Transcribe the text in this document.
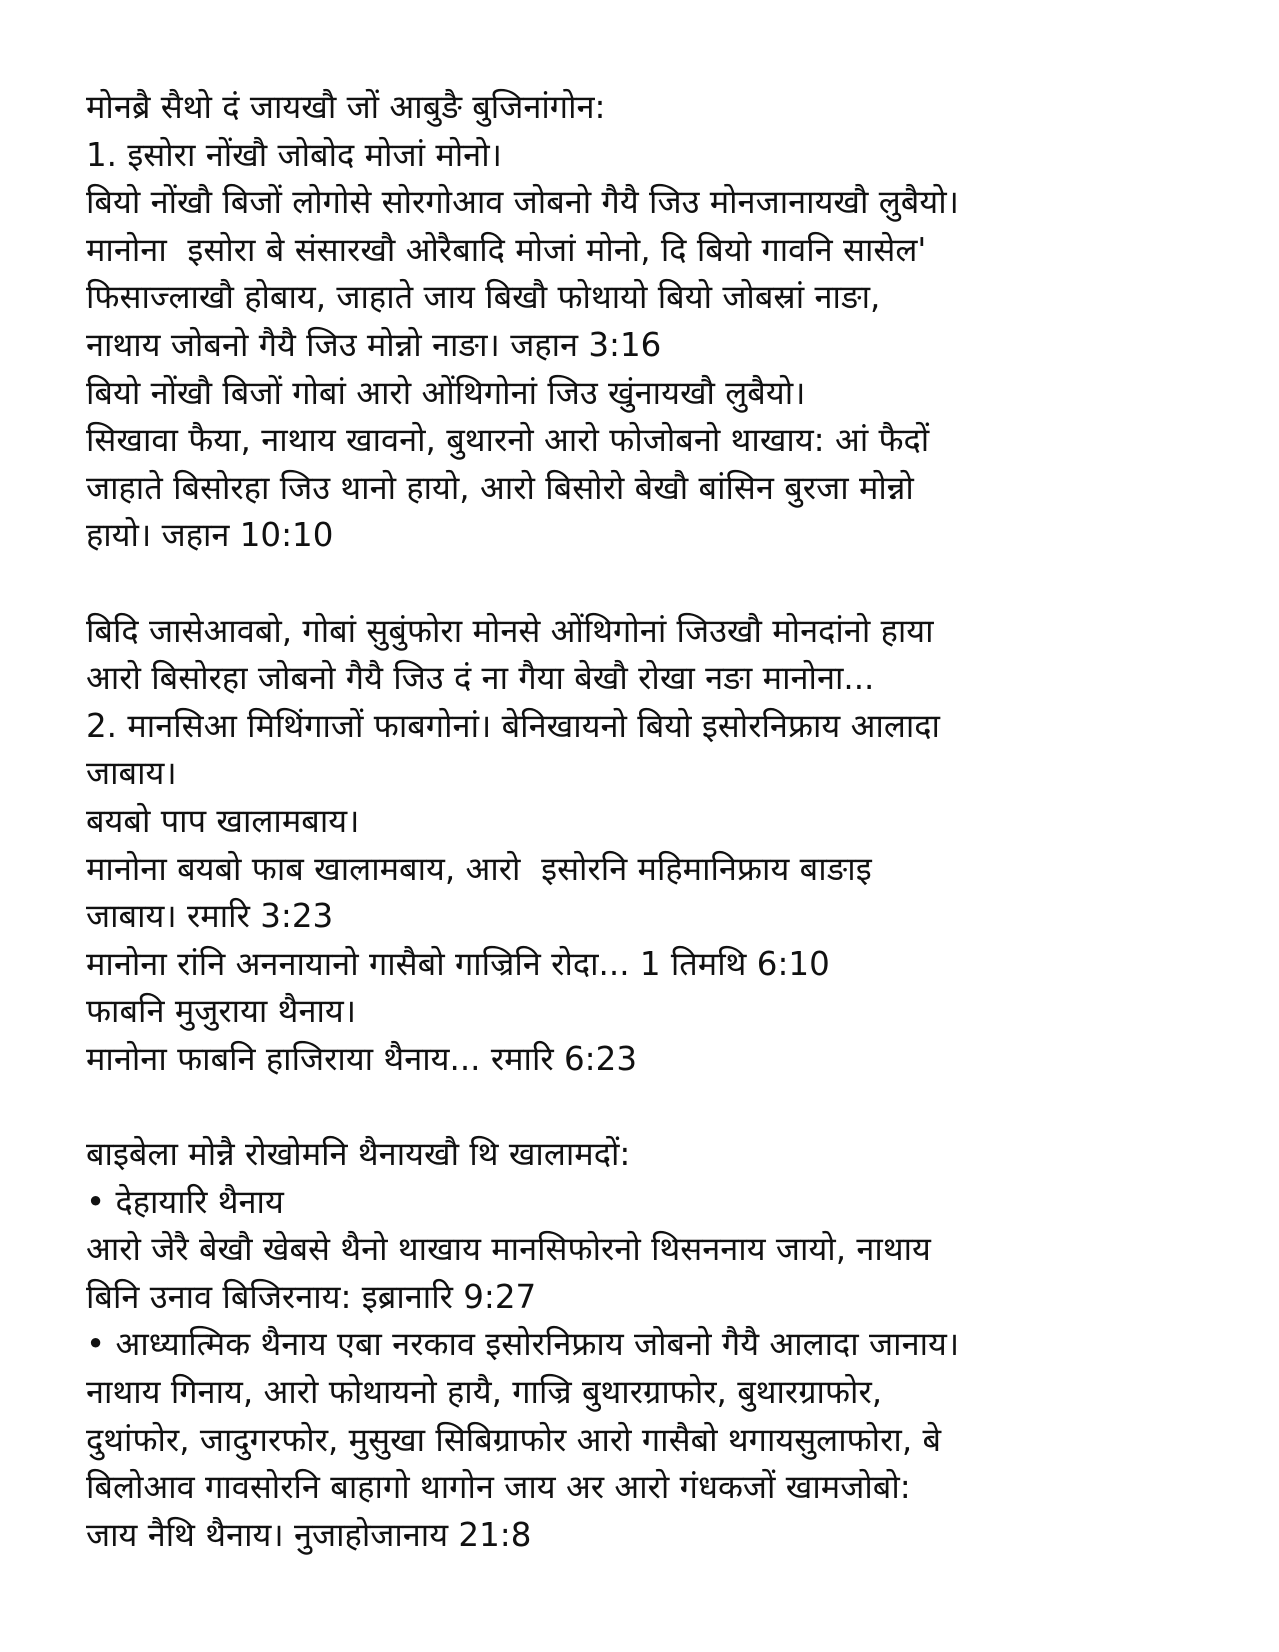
मोनब्रै सैथो दं जायखौ जों आबुङै बुजिनांगोन:
1. इसोरा नोंखौ जोबोद मोजां मोनो।
बियो नोंखौ बिजों लोगोसे सोरगोआव जोबनो गैयै जिउ मोनजानायखौ लुबैयो।
मानोना ‌ इसोरा बे संसारखौ ओरैबादि मोजां मोनो, दि बियो गावनि सासेल'
फिसाज्लाखौ होबाय, जाहाते जाय बिखौ फोथायो बियो जोबस्रां नाङा,
नाथाय जोबनो गैयै जिउ मोन्नो नाङा। जहान 3:16
बियो नोंखौ बिजों गोबां आरो ओंथिगोनां जिउ खुंनायखौ लुबैयो।
सिखावा फैया, नाथाय खावनो, बुथारनो आरो फोजोबनो थाखाय: आं फैदों
जाहाते बिसोरहा जिउ थानो हायो, आरो बिसोरो बेखौ बांसिन बुरजा मोन्नो
हायो। जहान 10:10
बिदि जासेआवबो, गोबां सुबुंफोरा मोनसे ओंथिगोनां जिउखौ मोनदांनो हाया
आरो बिसोरहा जोबनो गैयै जिउ दं ना गैया बेखौ रोखा नङा मानोना...
2. मानसिआ मिथिंगाजों फाबगोनां। बेनिखायनो बियो इसोरनिफ्राय आलादा
जाबाय।
बयबो पाप खालामबाय।
मानोना बयबो फाब खालामबाय, आरो ‌ इसोरनि महिमानिफ्राय बाङाइ
जाबाय। रमारि 3:23
मानोना रांनि अननायानो गासैबो गाज्रिनि रोदा... 1 तिमथि 6:10
फाबनि मुजुराया थैनाय।
मानोना फाबनि हाजिराया थैनाय... रमारि 6:23
बाइबेला मोन्नै रोखोमनि थैनायखौ थि खालामदों:
• देहायारि थैनाय
आरो जेरै बेखौ खेबसे थैनो थाखाय मानसिफोरनो थिसननाय जायो, नाथाय
बिनि उनाव बिजिरनाय: इब्रानारि 9:27
• आध्यात्मिक थैनाय एबा नरकाव इसोरनिफ्राय जोबनो गैयै आलादा जानाय।
नाथाय गिनाय, आरो फोथायनो हायै, गाज्रि बुथारग्राफोर, बुथारग्राफोर,
दुथांफोर, जादुगरफोर, मुसुखा सिबिग्राफोर आरो गासैबो थगायसुलाफोरा, बे
बिलोआव गावसोरनि बाहागो थागोन जाय अर आरो गंधकजों खामजोबो:
जाय नैथि थैनाय। नुजाहोजानाय 21:8
